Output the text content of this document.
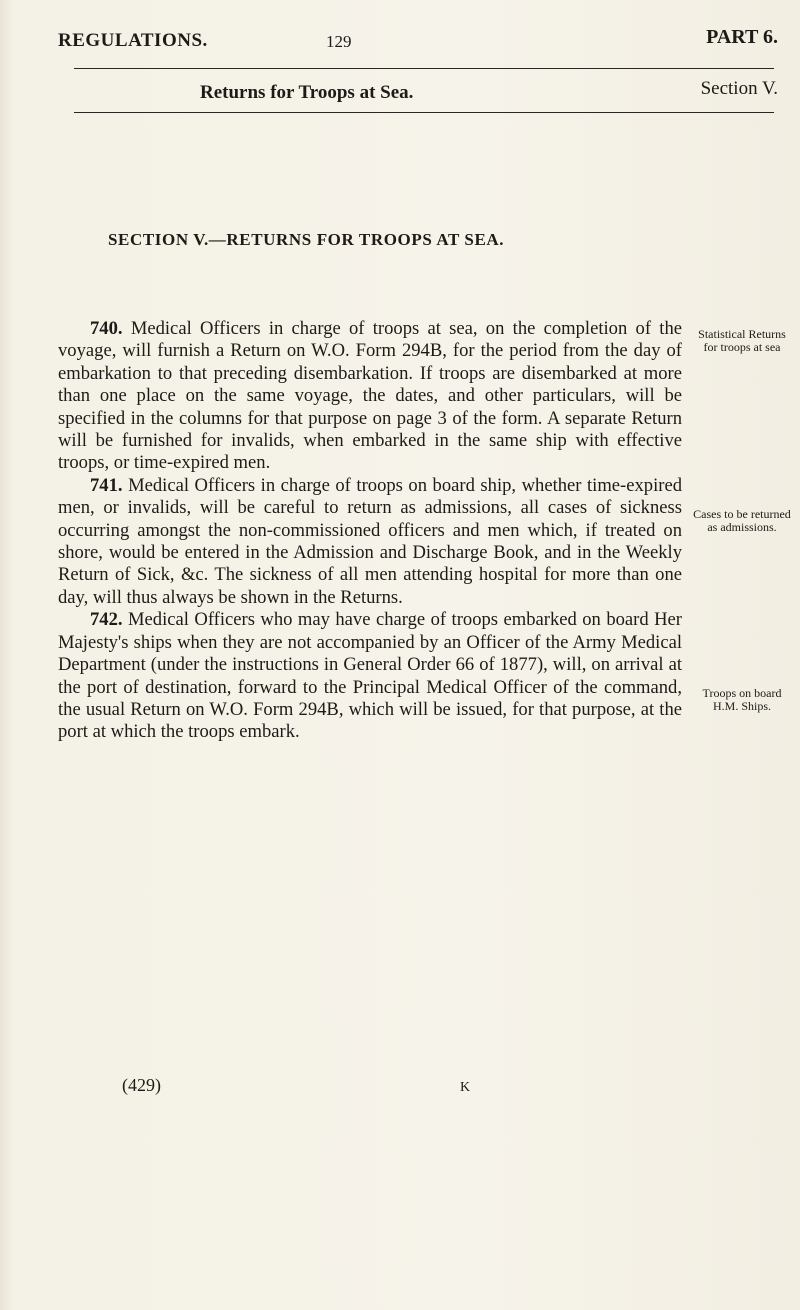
REGULATIONS.	129	PART 6.
Returns for Troops at Sea.	Section V.
SECTION V.—RETURNS FOR TROOPS AT SEA.

740. Medical Officers in charge of troops at sea, on the completion of the voyage, will furnish a Return on W.O. Form 294B, for the period from the day of embarkation to that preceding disembarkation. If troops are disembarked at more than one place on the same voyage, the dates, and other particulars, will be specified in the columns for that purpose on page 3 of the form. A separate Return will be furnished for invalids, when embarked in the same ship with effective troops, or time-expired men.

741. Medical Officers in charge of troops on board ship, whether time-expired men, or invalids, will be careful to return as admissions, all cases of sickness occurring amongst the non-commissioned officers and men which, if treated on shore, would be entered in the Admission and Discharge Book, and in the Weekly Return of Sick, &c. The sickness of all men attending hospital for more than one day, will thus always be shown in the Returns.

742. Medical Officers who may have charge of troops embarked on board Her Majesty's ships when they are not accompanied by an Officer of the Army Medical Department (under the instructions in General Order 66 of 1877), will, on arrival at the port of destination, forward to the Principal Medical Officer of the command, the usual Return on W.O. Form 294B, which will be issued, for that purpose, at the port at which the troops embark.

Statistical Returns for troops at sea
Cases to be returned as admissions.
Troops on board H.M. Ships.
(429)	K
